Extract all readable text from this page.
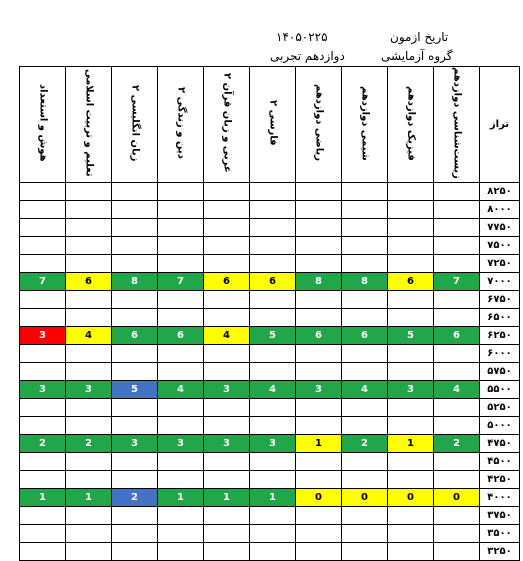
تاریخ ازمون
۱۴۰۵۰۲۲۵
گروه آزمایشی
دوازدهم تجربی
هوش و استعداد	تعلیم و تربیت اسلامی	زبان انگلیسی ۲	دین و زندگی ۲	عربی و زبان قرآن ۲	فارسی ۲	ریاضی دوازدهم	شیمی دوازدهم	فیزیک دوازدهم	زیست‌شناسی دوازدهم	تراز
										۸۲۵۰
										۸۰۰۰
										۷۷۵۰
										۷۵۰۰
										۷۲۵۰
7	6	8	7	6	6	8	8	6	7	۷۰۰۰
										۶۷۵۰
										۶۵۰۰
3	4	6	6	4	5	6	6	5	6	۶۲۵۰
										۶۰۰۰
										۵۷۵۰
3	3	5	4	3	4	3	4	3	4	۵۵۰۰
										۵۲۵۰
										۵۰۰۰
2	2	3	3	3	3	1	2	1	2	۴۷۵۰
										۴۵۰۰
										۴۲۵۰
1	1	2	1	1	1	0	0	0	0	۴۰۰۰
										۳۷۵۰
										۳۵۰۰
										۳۲۵۰
